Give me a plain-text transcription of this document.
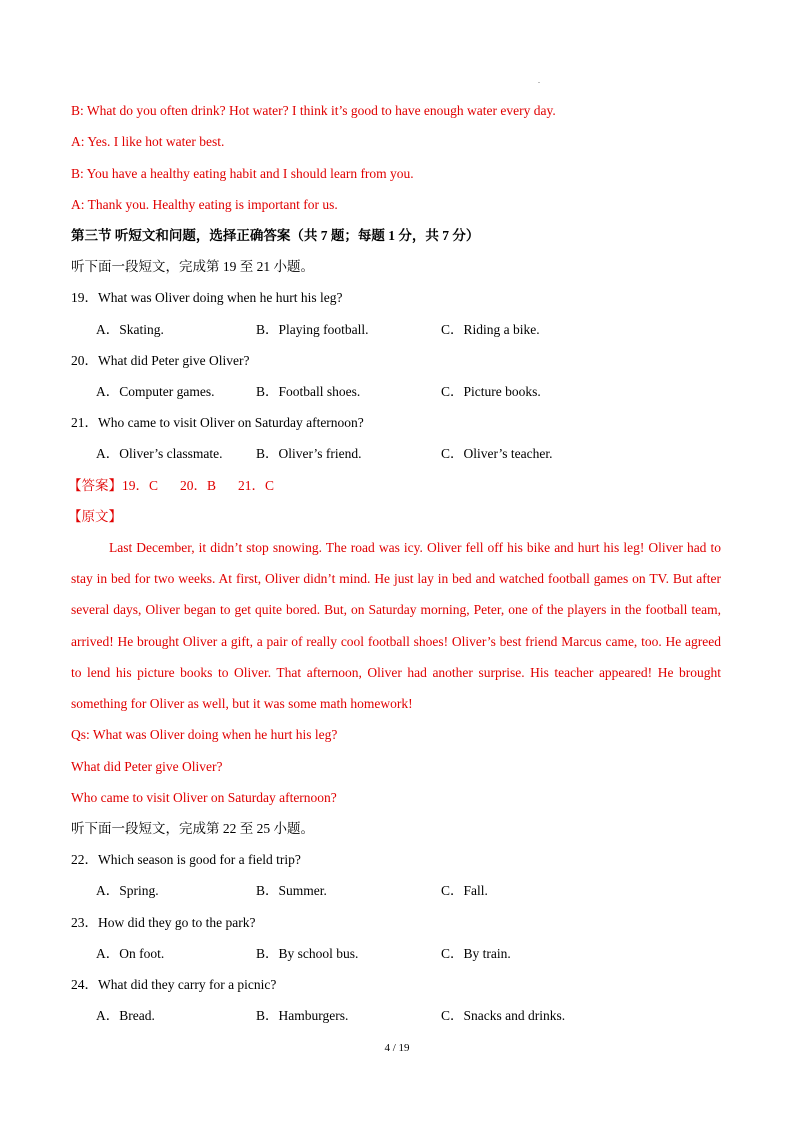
.
B: What do you often drink? Hot water? I think it’s good to have enough water every day.
A: Yes. I like hot water best.
B: You have a healthy eating habit and I should learn from you.
A: Thank you. Healthy eating is important for us.
第三节 听短文和问题，选择正确答案（共 7 题；每题 1 分，共 7 分）
听下面一段短文，完成第 19 至 21 小题。
19．What was Oliver doing when he hurt his leg?
A．Skating.	B．Playing football.	C．Riding a bike.
20．What did Peter give Oliver?
A．Computer games.	B．Football shoes.	C．Picture books.
21．Who came to visit Oliver on Saturday afternoon?
A．Oliver’s classmate. B．Oliver’s friend.	C．Oliver’s teacher.
【答案】19．C 20．B 21．C
【原文】

Last December, it didn’t stop snowing. The road was icy. Oliver fell off his bike and hurt his leg! Oliver had to stay in bed for two weeks. At first, Oliver didn’t mind. He just lay in bed and watched football games on TV. But after several days, Oliver began to get quite bored. But, on Saturday morning, Peter, one of the players in the football team, arrived! He brought Oliver a gift, a pair of really cool football shoes! Oliver’s best friend Marcus came, too. He agreed to lend his picture books to Oliver. That afternoon, Oliver had another surprise. His teacher appeared! He brought something for Oliver as well, but it was some math homework!

Qs: What was Oliver doing when he hurt his leg?
What did Peter give Oliver?
Who came to visit Oliver on Saturday afternoon?
听下面一段短文，完成第 22 至 25 小题。
22．Which season is good for a field trip?
A．Spring.	B．Summer.	C．Fall.
23．How did they go to the park?
A．On foot.	B．By school bus.	C．By train.
24．What did they carry for a picnic?
A．Bread.	B．Hamburgers.	C．Snacks and drinks.
4 / 19
